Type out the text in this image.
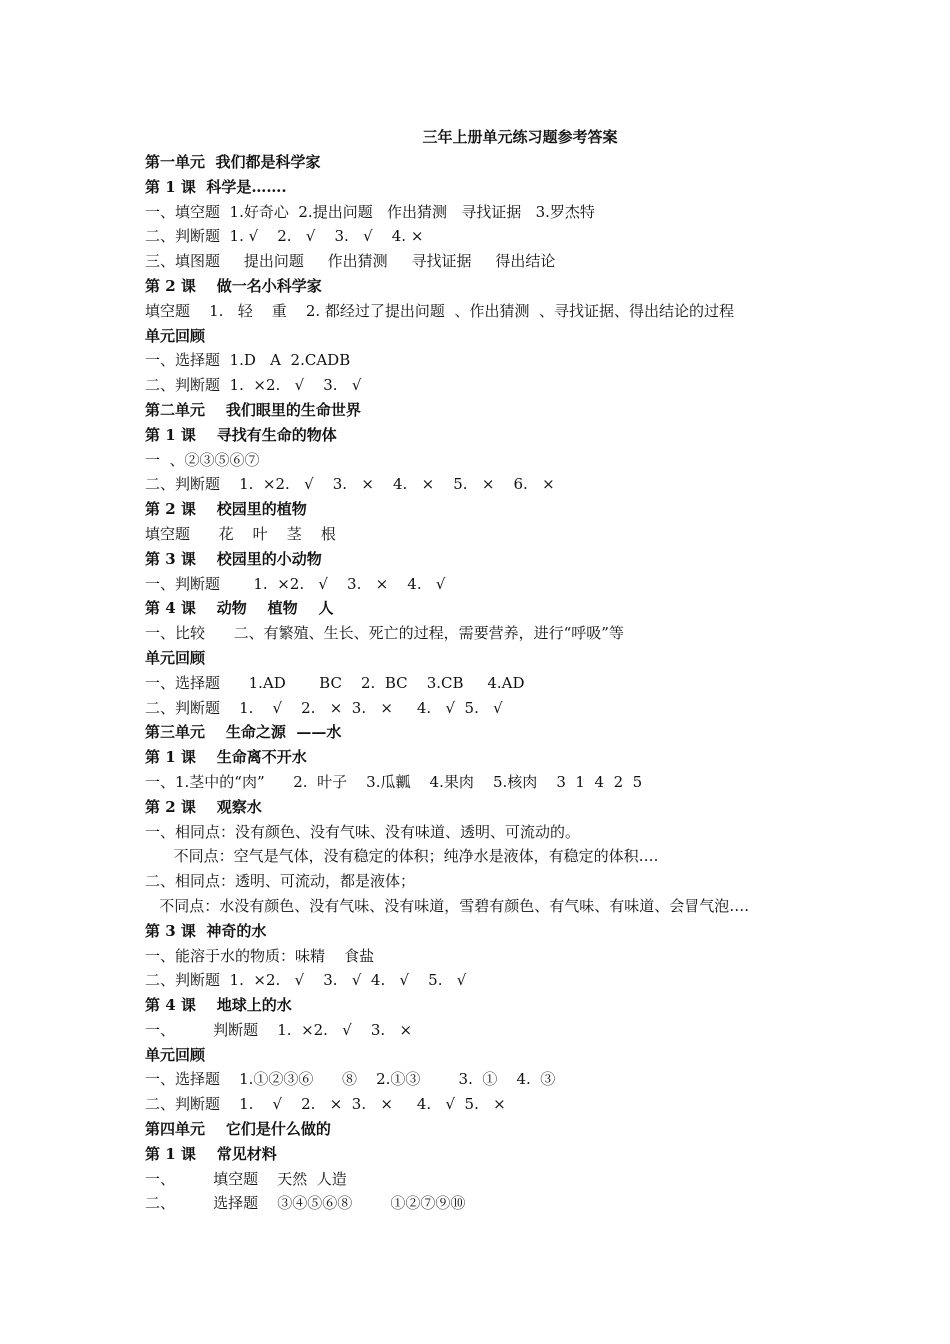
三年上册单元练习题参考答案
第一单元  我们都是科学家
第 1 课  科学是…….
一、填空题  1.好奇心  2.提出问题   作出猜测   寻找证据   3.罗杰特
二、判断题  1. √    2.   √    3.   √    4. ×
三、填图题     提出问题     作出猜测     寻找证据     得出结论
第 2 课    做一名小科学家
填空题    1.   轻    重    2. 都经过了提出问题  、作出猜测  、寻找证据、得出结论的过程
单元回顾
一、选择题  1.D   A  2.CADB
二、判断题  1.  ×2.   √    3.   √
第二单元    我们眼里的生命世界
第 1 课    寻找有生命的物体
一  、②③⑤⑥⑦
二、判断题    1.  ×2.   √    3.   ×    4.   ×    5.   ×    6.   ×
第 2 课    校园里的植物
填空题      花    叶    茎    根
第 3 课    校园里的小动物
一、判断题       1.  ×2.   √    3.   ×    4.   √
第 4 课    动物    植物    人
一、比较      二、有繁殖、生长、死亡的过程，需要营养，进行“呼吸”等
单元回顾
一、选择题      1.AD       BC    2.  BC    3.CB     4.AD
二、判断题    1.    √    2.   ×  3.   ×     4.   √  5.   √
第三单元    生命之源  ——水
第 1 课    生命离不开水
一、1.茎中的“肉”      2.  叶子    3.瓜瓤    4.果肉    5.核肉    3  1  4  2  5
第 2 课    观察水
一、相同点：没有颜色、没有气味、没有味道、透明、可流动的。
不同点：空气是气体，没有稳定的体积；纯净水是液体，有稳定的体积….
二、相同点：透明、可流动，都是液体；
不同点：水没有颜色、没有气味、没有味道，雪碧有颜色、有气味、有味道、会冒气泡….
第 3 课  神奇的水
一、能溶于水的物质：味精    食盐
二、判断题  1.  ×2.   √    3.   √  4.   √    5.   √
第 4 课    地球上的水
一、        判断题    1.  ×2.   √    3.   ×
单元回顾
一、选择题    1.①②③⑥      ⑧    2.①③        3.  ①    4.  ③
二、判断题    1.    √    2.   ×  3.   ×     4.   √  5.   ×
第四单元    它们是什么做的
第 1 课    常见材料
一、        填空题    天然  人造
二、        选择题    ③④⑤⑥⑧        ①②⑦⑨⑩
